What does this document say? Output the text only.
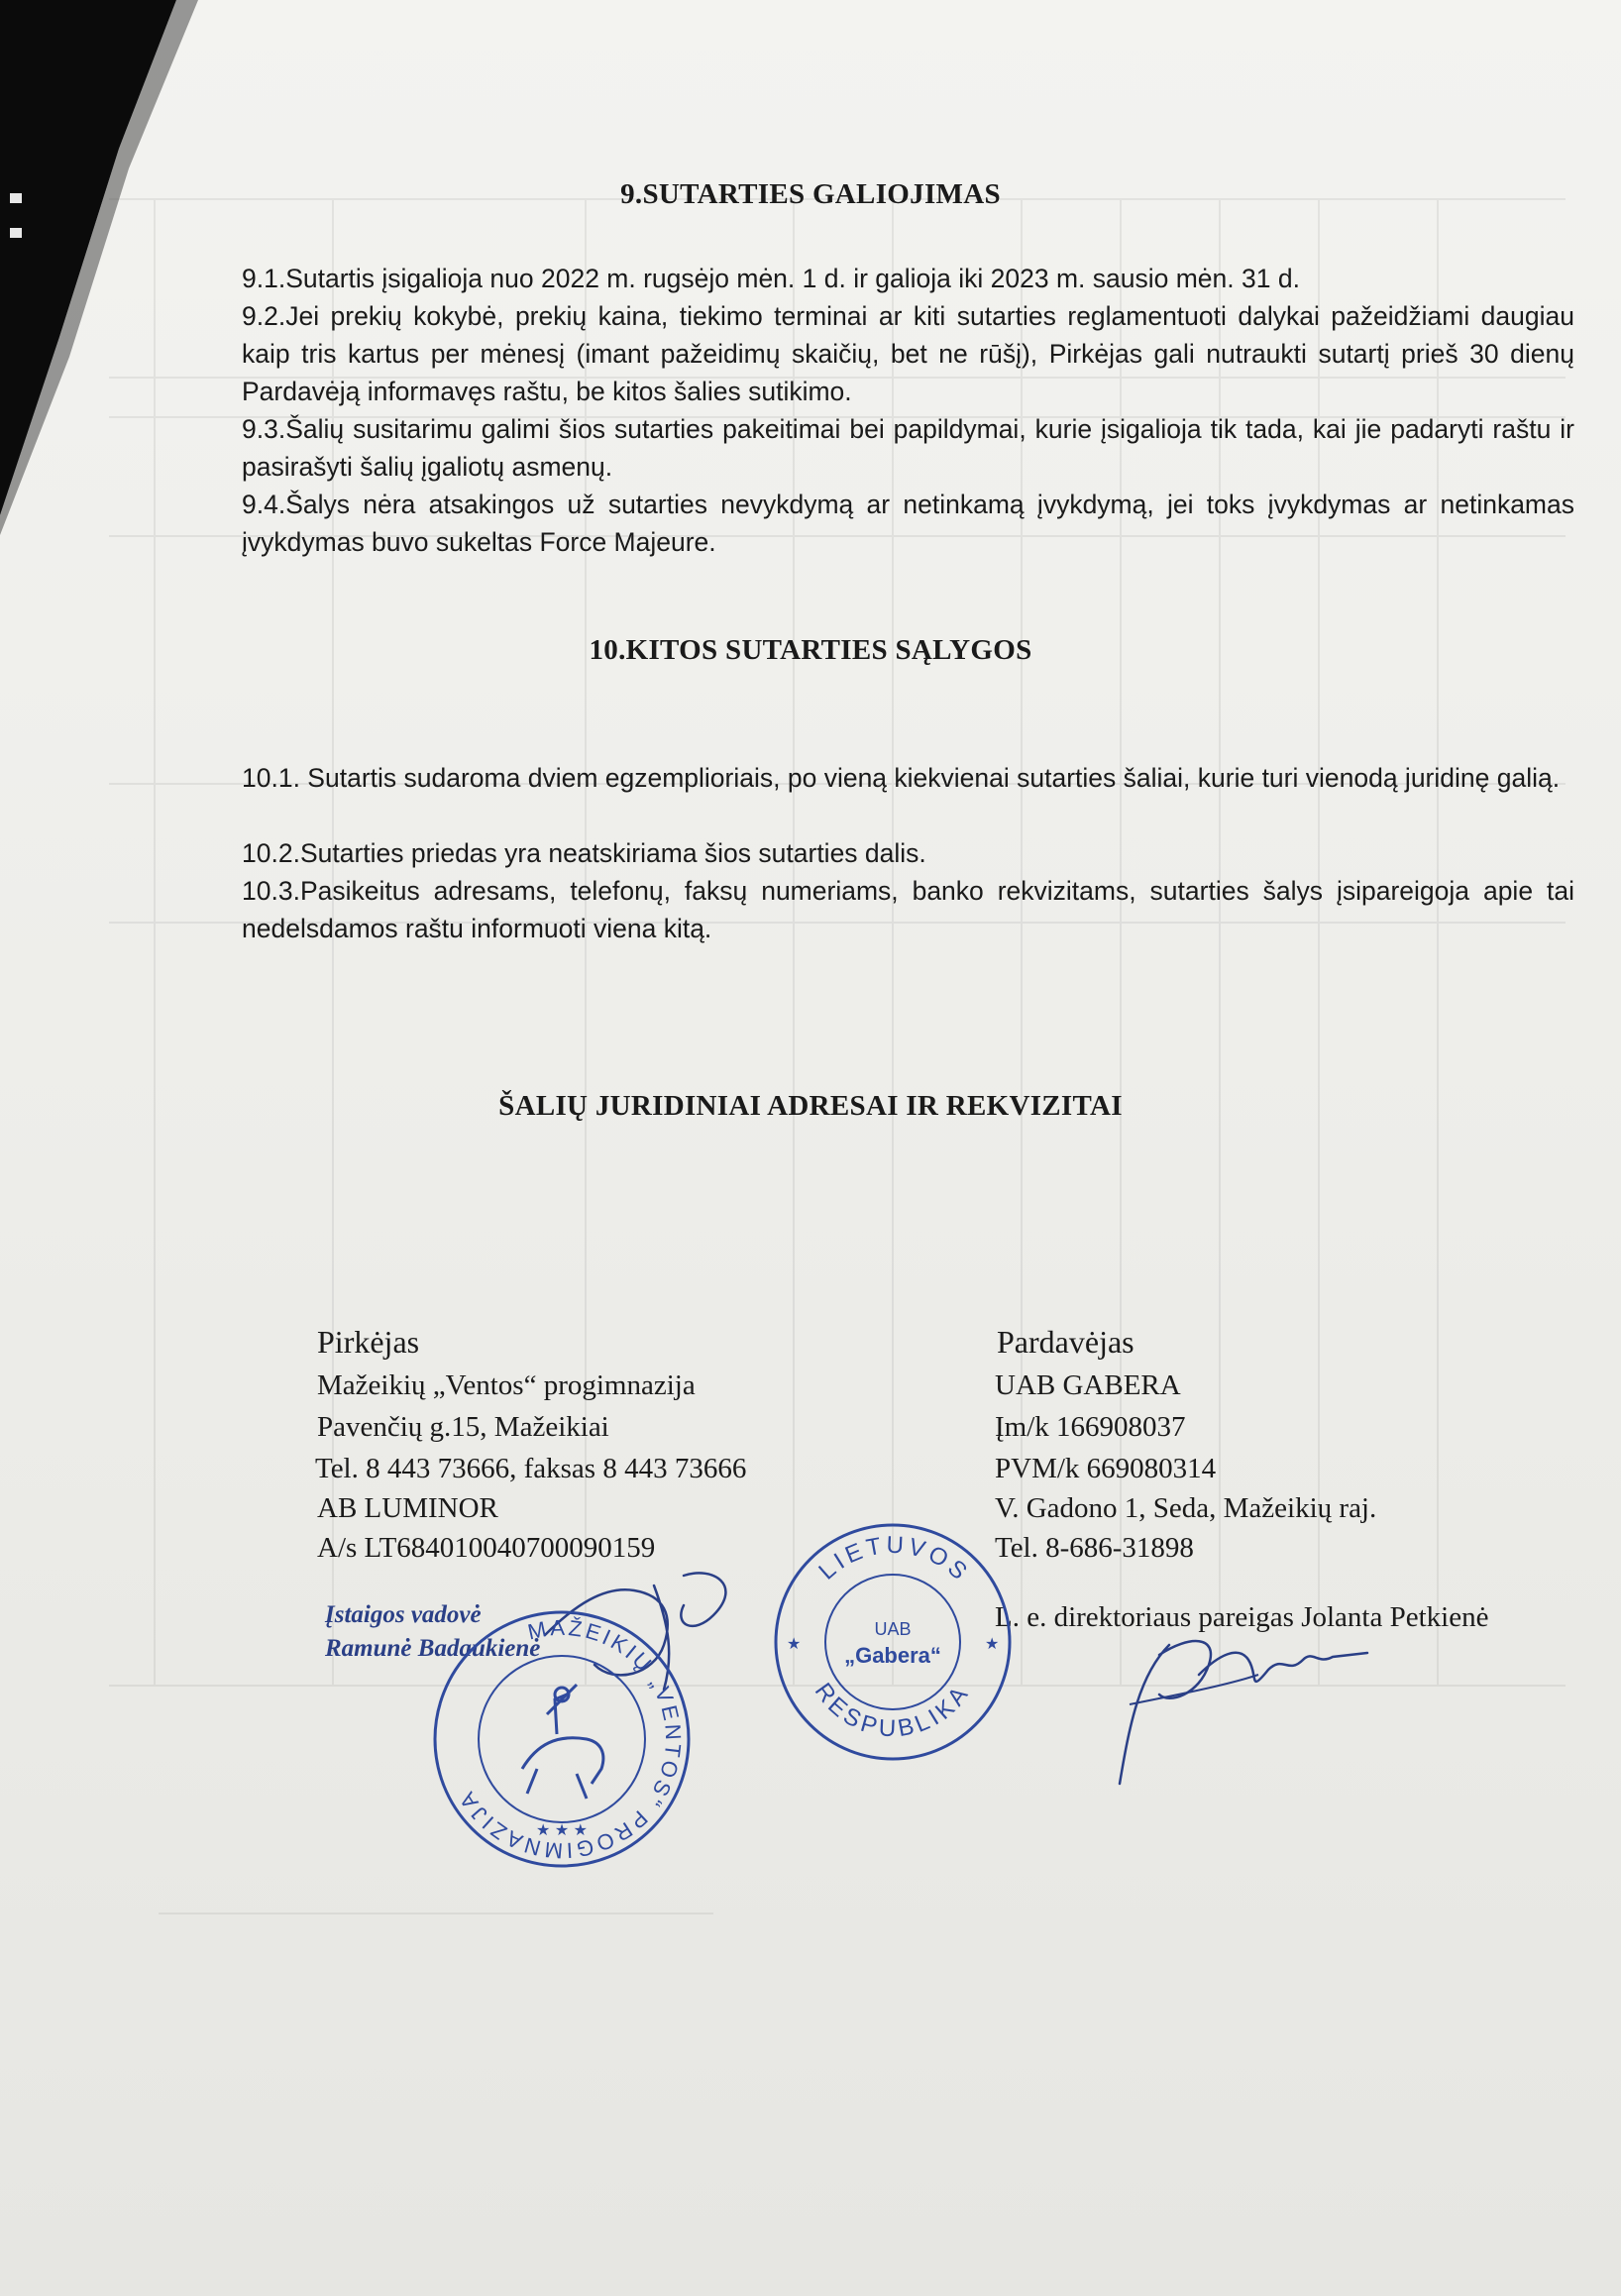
9.SUTARTIES GALIOJIMAS
9.1.Sutartis įsigalioja nuo 2022 m. rugsėjo mėn. 1 d. ir galioja iki 2023 m. sausio mėn. 31 d.
9.2.Jei prekių kokybė, prekių kaina, tiekimo terminai ar kiti sutarties reglamentuoti dalykai pažeidžiami daugiau kaip tris kartus per mėnesį (imant pažeidimų skaičių, bet ne rūšį), Pirkėjas gali nutraukti sutartį prieš 30 dienų Pardavėją informavęs raštu, be kitos šalies sutikimo.
9.3.Šalių susitarimu galimi šios sutarties pakeitimai bei papildymai, kurie įsigalioja tik tada, kai jie padaryti raštu ir pasirašyti šalių įgaliotų asmenų.
9.4.Šalys nėra atsakingos už sutarties nevykdymą ar netinkamą įvykdymą, jei toks įvykdymas ar netinkamas įvykdymas buvo sukeltas Force Majeure.
10.KITOS SUTARTIES SĄLYGOS
10.1. Sutartis sudaroma dviem egzemplioriais, po vieną kiekvienai sutarties šaliai, kurie turi vienodą juridinę galią.
10.2.Sutarties priedas yra neatskiriama šios sutarties dalis.
10.3.Pasikeitus adresams, telefonų, faksų numeriams, banko rekvizitams, sutarties šalys įsipareigoja apie tai nedelsdamos raštu informuoti viena kitą.
ŠALIŲ JURIDINIAI ADRESAI IR REKVIZITAI
Pirkėjas
Mažeikių „Ventos“ progimnazija
Pavenčių g.15, Mažeikiai
Tel. 8 443 73666, faksas 8 443 73666
AB LUMINOR
A/s LT684010040700090159
Įstaigos vadovė
Ramunė Badaukienė
Pardavėjas
UAB GABERA
Įm/k 166908037
PVM/k 669080314
V. Gadono 1, Seda, Mažeikių raj.
Tel. 8-686-31898
L. e. direktoriaus pareigas Jolanta Petkienė
MAŽEIKIŲ „VENTOS“ PROGIMNAZIJA
★ ★ ★
LIETUVOS
RESPUBLIKA
★	★
UAB
„Gabera“
